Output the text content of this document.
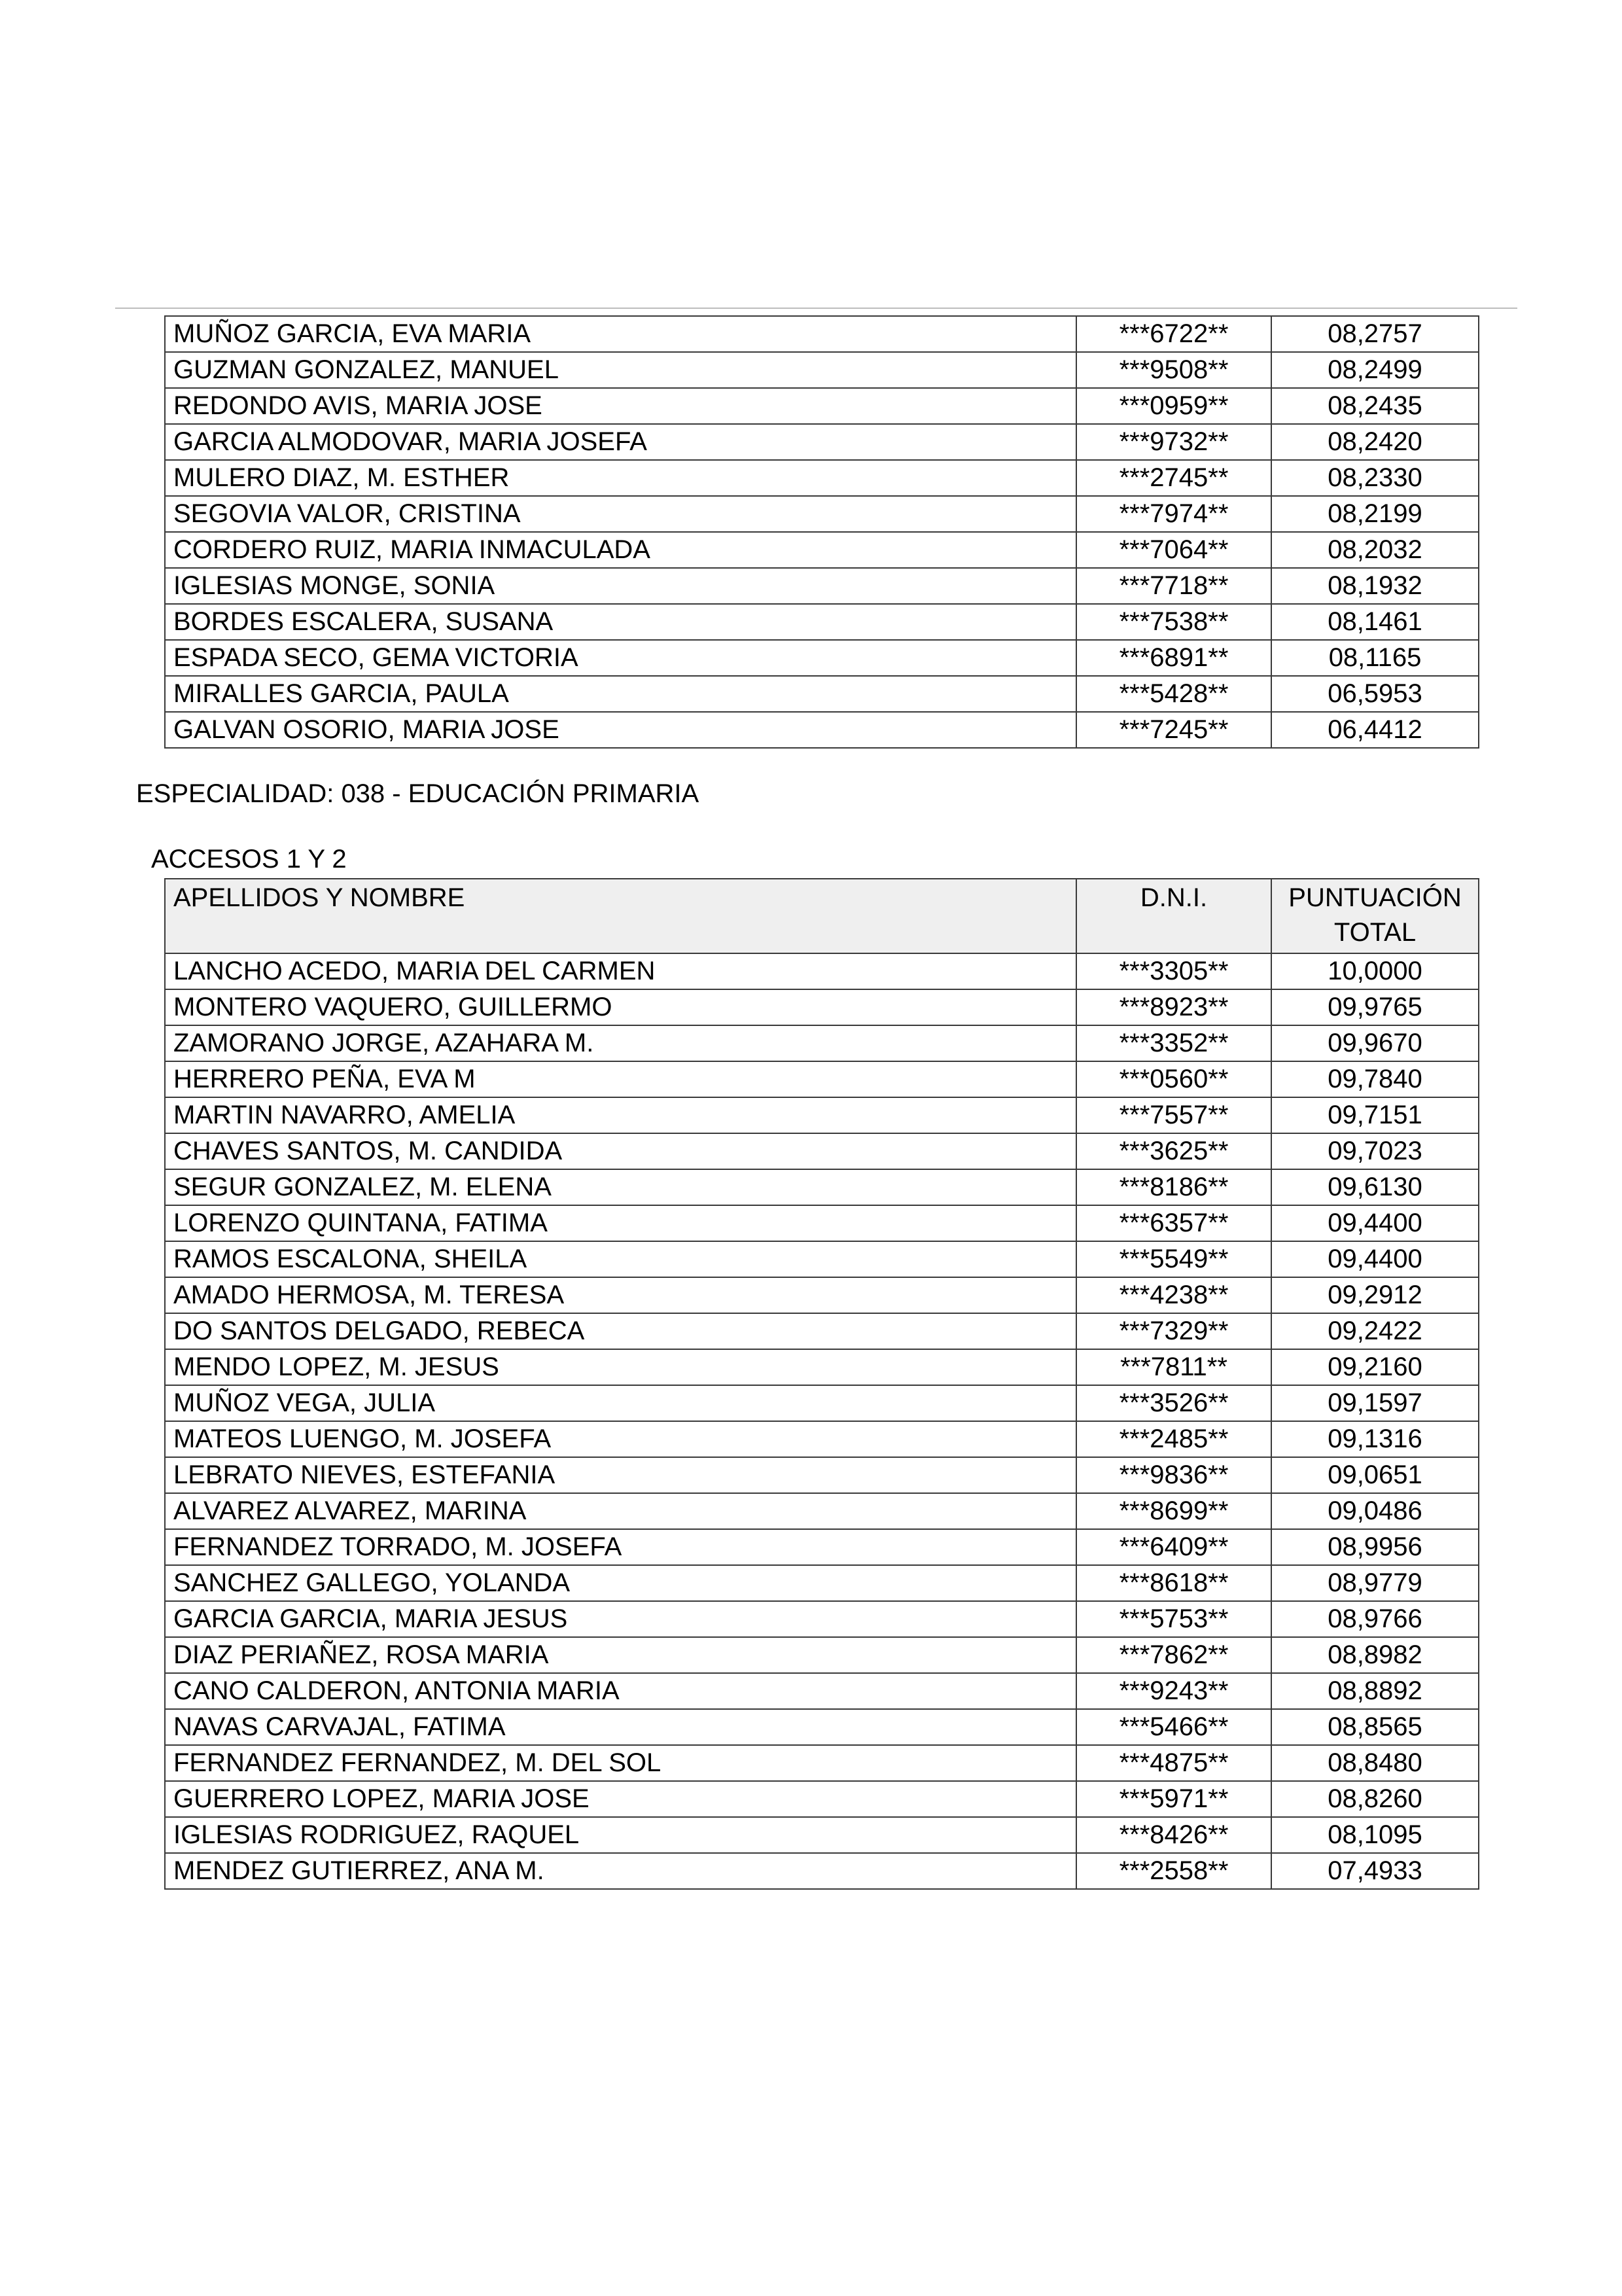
MUÑOZ GARCIA, EVA MARIA	***6722**	08,2757
GUZMAN GONZALEZ, MANUEL	***9508**	08,2499
REDONDO AVIS, MARIA JOSE	***0959**	08,2435
GARCIA ALMODOVAR, MARIA JOSEFA	***9732**	08,2420
MULERO DIAZ, M. ESTHER	***2745**	08,2330
SEGOVIA VALOR, CRISTINA	***7974**	08,2199
CORDERO RUIZ, MARIA INMACULADA	***7064**	08,2032
IGLESIAS MONGE, SONIA	***7718**	08,1932
BORDES ESCALERA, SUSANA	***7538**	08,1461
ESPADA SECO, GEMA VICTORIA	***6891**	08,1165
MIRALLES GARCIA, PAULA	***5428**	06,5953
GALVAN OSORIO, MARIA JOSE	***7245**	06,4412
ESPECIALIDAD: 038 - EDUCACIÓN PRIMARIA
ACCESOS 1 Y 2
APELLIDOS Y NOMBRE	D.N.I.	PUNTUACIÓN TOTAL
LANCHO ACEDO, MARIA DEL CARMEN	***3305**	10,0000
MONTERO VAQUERO, GUILLERMO	***8923**	09,9765
ZAMORANO JORGE, AZAHARA M.	***3352**	09,9670
HERRERO PEÑA, EVA M	***0560**	09,7840
MARTIN NAVARRO, AMELIA	***7557**	09,7151
CHAVES SANTOS, M. CANDIDA	***3625**	09,7023
SEGUR GONZALEZ, M. ELENA	***8186**	09,6130
LORENZO QUINTANA, FATIMA	***6357**	09,4400
RAMOS ESCALONA, SHEILA	***5549**	09,4400
AMADO HERMOSA, M. TERESA	***4238**	09,2912
DO SANTOS DELGADO, REBECA	***7329**	09,2422
MENDO LOPEZ, M. JESUS	***7811**	09,2160
MUÑOZ VEGA, JULIA	***3526**	09,1597
MATEOS LUENGO, M. JOSEFA	***2485**	09,1316
LEBRATO NIEVES, ESTEFANIA	***9836**	09,0651
ALVAREZ ALVAREZ, MARINA	***8699**	09,0486
FERNANDEZ TORRADO, M. JOSEFA	***6409**	08,9956
SANCHEZ GALLEGO, YOLANDA	***8618**	08,9779
GARCIA GARCIA, MARIA JESUS	***5753**	08,9766
DIAZ PERIAÑEZ, ROSA MARIA	***7862**	08,8982
CANO CALDERON, ANTONIA MARIA	***9243**	08,8892
NAVAS CARVAJAL, FATIMA	***5466**	08,8565
FERNANDEZ FERNANDEZ, M. DEL SOL	***4875**	08,8480
GUERRERO LOPEZ, MARIA JOSE	***5971**	08,8260
IGLESIAS RODRIGUEZ, RAQUEL	***8426**	08,1095
MENDEZ GUTIERREZ, ANA M.	***2558**	07,4933
